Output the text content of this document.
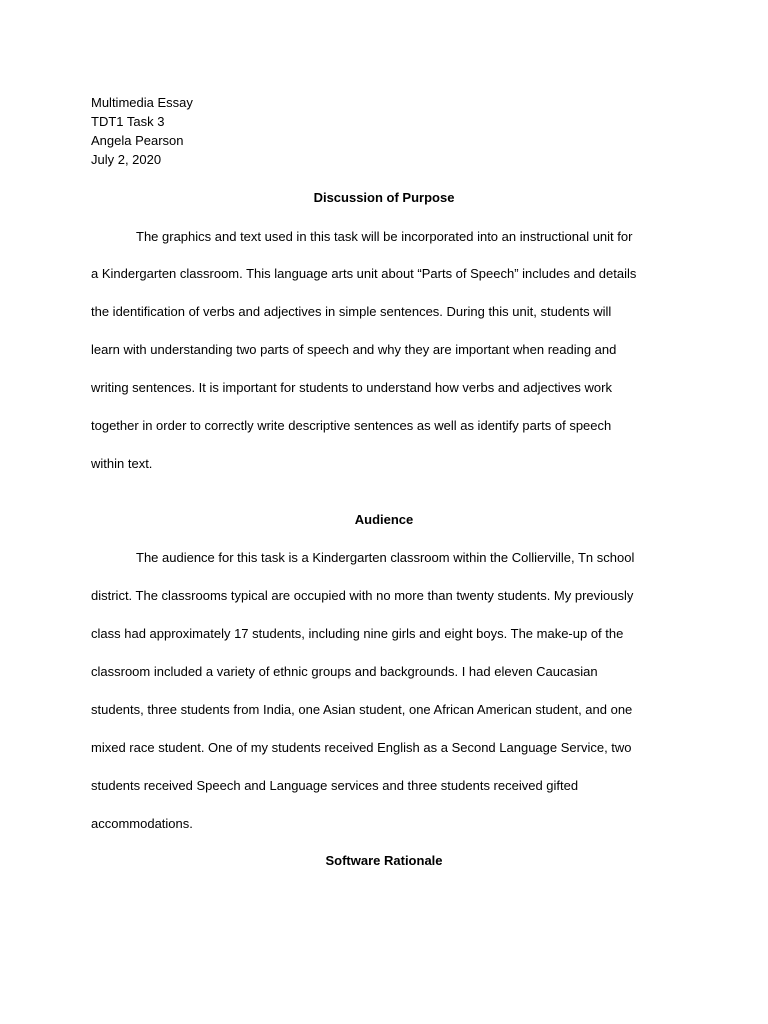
Multimedia Essay
TDT1 Task 3
Angela Pearson
July 2, 2020
Discussion of Purpose
The graphics and text used in this task will be incorporated into an instructional unit for
a Kindergarten classroom. This language arts unit about “Parts of Speech” includes and details
the identification of verbs and adjectives in simple sentences. During this unit, students will
learn with understanding two parts of speech and why they are important when reading and
writing sentences. It is important for students to understand how verbs and adjectives work
together in order to correctly write descriptive sentences as well as identify parts of speech
within text.
Audience
The audience for this task is a Kindergarten classroom within the Collierville, Tn school
district. The classrooms typical are occupied with no more than twenty students. My previously
class had approximately 17 students, including nine girls and eight boys. The make-up of the
classroom included a variety of ethnic groups and backgrounds. I had eleven Caucasian
students, three students from India, one Asian student, one African American student, and one
mixed race student. One of my students received English as a Second Language Service, two
students received Speech and Language services and three students received gifted
accommodations.
Software Rationale
